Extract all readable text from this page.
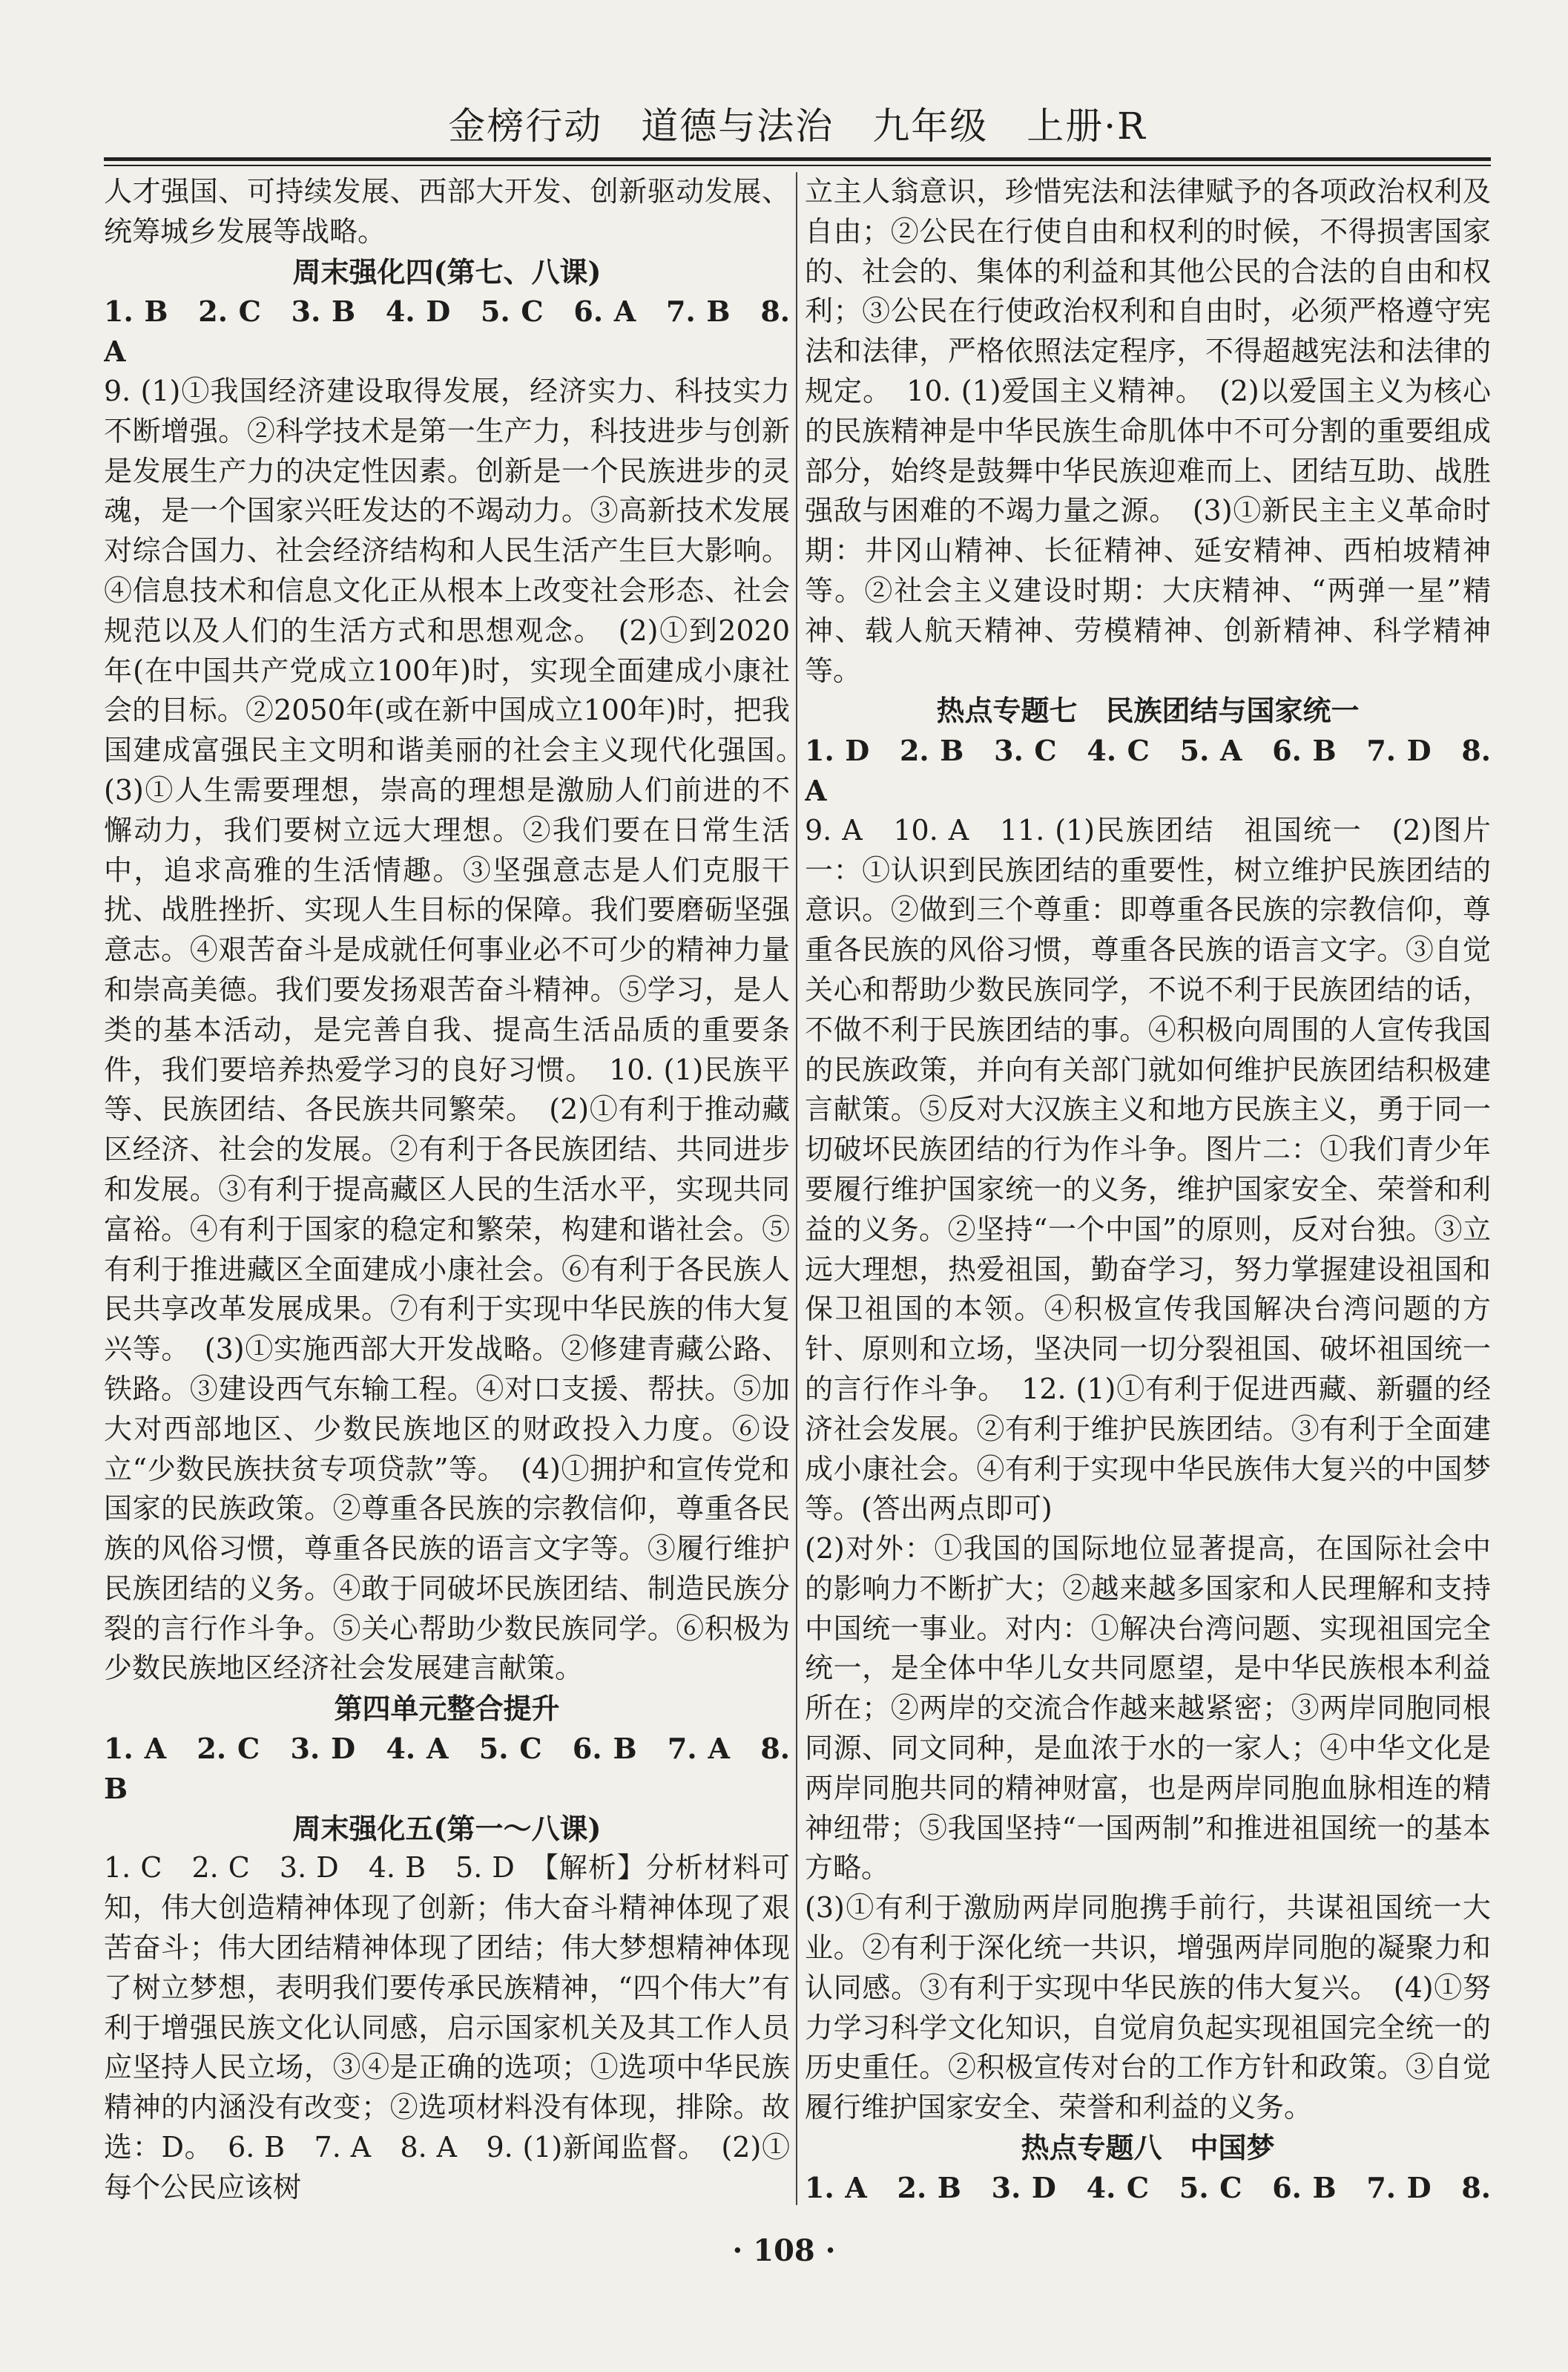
金榜行动　道德与法治　九年级　上册·R

人才强国、可持续发展、西部大开发、创新驱动发展、统筹城乡发展等战略。

周末强化四(第七、八课)

1. B　2. C　3. B　4. D　5. C　6. A　7. B　8. A

9. (1)①我国经济建设取得发展，经济实力、科技实力不断增强。②科学技术是第一生产力，科技进步与创新是发展生产力的决定性因素。创新是一个民族进步的灵魂，是一个国家兴旺发达的不竭动力。③高新技术发展对综合国力、社会经济结构和人民生活产生巨大影响。④信息技术和信息文化正从根本上改变社会形态、社会规范以及人们的生活方式和思想观念。　(2)①到2020年(在中国共产党成立100年)时，实现全面建成小康社会的目标。②2050年(或在新中国成立100年)时，把我国建成富强民主文明和谐美丽的社会主义现代化强国。　(3)①人生需要理想，崇高的理想是激励人们前进的不懈动力，我们要树立远大理想。②我们要在日常生活中，追求高雅的生活情趣。③坚强意志是人们克服干扰、战胜挫折、实现人生目标的保障。我们要磨砺坚强意志。④艰苦奋斗是成就任何事业必不可少的精神力量和崇高美德。我们要发扬艰苦奋斗精神。⑤学习，是人类的基本活动，是完善自我、提高生活品质的重要条件，我们要培养热爱学习的良好习惯。　10. (1)民族平等、民族团结、各民族共同繁荣。　(2)①有利于推动藏区经济、社会的发展。②有利于各民族团结、共同进步和发展。③有利于提高藏区人民的生活水平，实现共同富裕。④有利于国家的稳定和繁荣，构建和谐社会。⑤有利于推进藏区全面建成小康社会。⑥有利于各民族人民共享改革发展成果。⑦有利于实现中华民族的伟大复兴等。　(3)①实施西部大开发战略。②修建青藏公路、铁路。③建设西气东输工程。④对口支援、帮扶。⑤加大对西部地区、少数民族地区的财政投入力度。⑥设立“少数民族扶贫专项贷款”等。　(4)①拥护和宣传党和国家的民族政策。②尊重各民族的宗教信仰，尊重各民族的风俗习惯，尊重各民族的语言文字等。③履行维护民族团结的义务。④敢于同破坏民族团结、制造民族分裂的言行作斗争。⑤关心帮助少数民族同学。⑥积极为少数民族地区经济社会发展建言献策。

第四单元整合提升

1. A　2. C　3. D　4. A　5. C　6. B　7. A　8. B

周末强化五(第一～八课)

1. C　2. C　3. D　4. B　5. D　【解析】分析材料可知，伟大创造精神体现了创新；伟大奋斗精神体现了艰苦奋斗；伟大团结精神体现了团结；伟大梦想精神体现了树立梦想，表明我们要传承民族精神，“四个伟大”有利于增强民族文化认同感，启示国家机关及其工作人员应坚持人民立场，③④是正确的选项；①选项中华民族精神的内涵没有改变；②选项材料没有体现，排除。故选：D。　6. B　7. A　8. A　9. (1)新闻监督。　(2)①每个公民应该树

立主人翁意识，珍惜宪法和法律赋予的各项政治权利及自由；②公民在行使自由和权利的时候，不得损害国家的、社会的、集体的利益和其他公民的合法的自由和权利；③公民在行使政治权利和自由时，必须严格遵守宪法和法律，严格依照法定程序，不得超越宪法和法律的规定。　10. (1)爱国主义精神。　(2)以爱国主义为核心的民族精神是中华民族生命肌体中不可分割的重要组成部分，始终是鼓舞中华民族迎难而上、团结互助、战胜强敌与困难的不竭力量之源。　(3)①新民主主义革命时期：井冈山精神、长征精神、延安精神、西柏坡精神等。②社会主义建设时期：大庆精神、“两弹一星”精神、载人航天精神、劳模精神、创新精神、科学精神等。

热点专题七　民族团结与国家统一

1. D　2. B　3. C　4. C　5. A　6. B　7. D　8. A

9. A　10. A　11. (1)民族团结　祖国统一　(2)图片一：①认识到民族团结的重要性，树立维护民族团结的意识。②做到三个尊重：即尊重各民族的宗教信仰，尊重各民族的风俗习惯，尊重各民族的语言文字。③自觉关心和帮助少数民族同学，不说不利于民族团结的话，不做不利于民族团结的事。④积极向周围的人宣传我国的民族政策，并向有关部门就如何维护民族团结积极建言献策。⑤反对大汉族主义和地方民族主义，勇于同一切破坏民族团结的行为作斗争。图片二：①我们青少年要履行维护国家统一的义务，维护国家安全、荣誉和利益的义务。②坚持“一个中国”的原则，反对台独。③立远大理想，热爱祖国，勤奋学习，努力掌握建设祖国和保卫祖国的本领。④积极宣传我国解决台湾问题的方针、原则和立场，坚决同一切分裂祖国、破坏祖国统一的言行作斗争。　12. (1)①有利于促进西藏、新疆的经济社会发展。②有利于维护民族团结。③有利于全面建成小康社会。④有利于实现中华民族伟大复兴的中国梦等。(答出两点即可)

(2)对外：①我国的国际地位显著提高，在国际社会中的影响力不断扩大；②越来越多国家和人民理解和支持中国统一事业。对内：①解决台湾问题、实现祖国完全统一，是全体中华儿女共同愿望，是中华民族根本利益所在；②两岸的交流合作越来越紧密；③两岸同胞同根同源、同文同种，是血浓于水的一家人；④中华文化是两岸同胞共同的精神财富，也是两岸同胞血脉相连的精神纽带；⑤我国坚持“一国两制”和推进祖国统一的基本方略。

(3)①有利于激励两岸同胞携手前行，共谋祖国统一大业。②有利于深化统一共识，增强两岸同胞的凝聚力和认同感。③有利于实现中华民族的伟大复兴。　(4)①努力学习科学文化知识，自觉肩负起实现祖国完全统一的历史重任。②积极宣传对台的工作方针和政策。③自觉履行维护国家安全、荣誉和利益的义务。

热点专题八　中国梦

1. A　2. B　3. D　4. C　5. C　6. B　7. D　8.

· 108 ·
